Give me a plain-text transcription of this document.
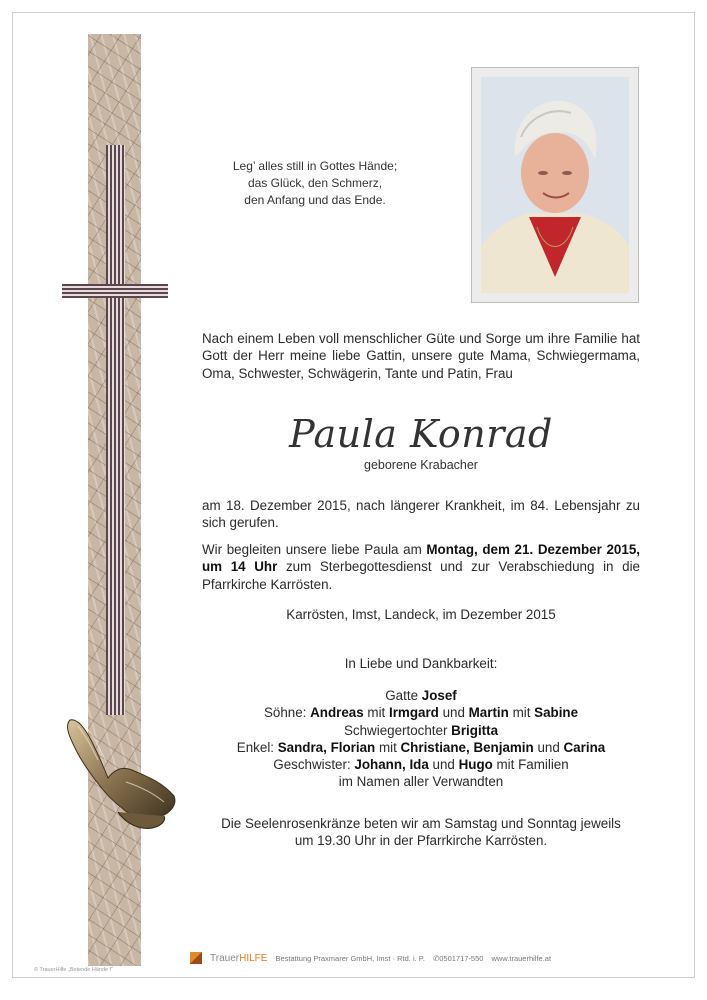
Leg’ alles still in Gottes Hände;
das Glück, den Schmerz,
den Anfang und das Ende.
Nach einem Leben voll menschlicher Güte und Sorge um ihre Familie hat Gott der Herr meine liebe Gattin, unsere gute Mama, Schwiegermama, Oma, Schwester, Schwägerin, Tante und Patin, Frau
Paula Konrad
geborene Krabacher
am 18. Dezember 2015, nach längerer Krankheit, im 84. Lebensjahr zu sich gerufen.
Wir begleiten unsere liebe Paula am Montag, dem 21. Dezember 2015, um 14 Uhr zum Sterbegottesdienst und zur Verabschiedung in die Pfarrkirche Karrösten.
Karrösten, Imst, Landeck, im Dezember 2015
In Liebe und Dankbarkeit:
Gatte Josef
Söhne: Andreas mit Irmgard und Martin mit Sabine
Schwiegertochter Brigitta
Enkel: Sandra, Florian mit Christiane, Benjamin und Carina
Geschwister: Johann, Ida und Hugo mit Familien
im Namen aller Verwandten
Die Seelenrosenkränze beten wir am Samstag und Sonntag jeweils
um 19.30 Uhr in der Pfarrkirche Karrösten.
TrauerHILFE Bestattung Praxmarer GmbH, Imst · Rtd. i. P. ✆0501717-550 www.trauerhilfe.at
© TrauerHilfe „Betende Hände I“
